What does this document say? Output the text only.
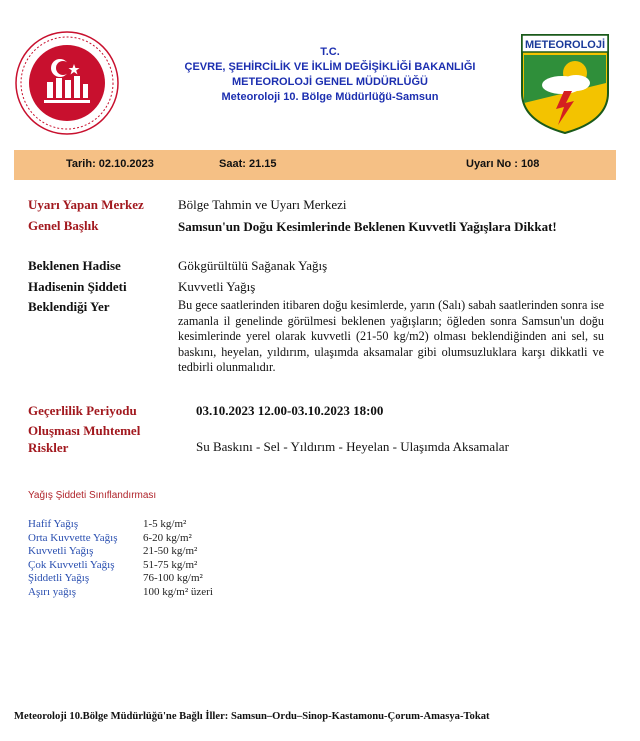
METEOROLOJİ
T.C.
ÇEVRE, ŞEHİRCİLİK VE İKLİM DEĞİŞİKLİĞİ BAKANLIĞI
METEOROLOJİ GENEL MÜDÜRLÜĞÜ
Meteoroloji 10. Bölge Müdürlüğü-Samsun
Tarih: 02.10.2023	Saat: 21.15	Uyarı No : 108
Uyarı Yapan Merkez	Bölge Tahmin ve Uyarı Merkezi
Genel Başlık	Samsun'un Doğu Kesimlerinde Beklenen Kuvvetli Yağışlara Dikkat!
Beklenen Hadise	Gökgürültülü Sağanak Yağış
Hadisenin Şiddeti	Kuvvetli Yağış
Beklendiği Yer	Bu gece saatlerinden itibaren doğu kesimlerde, yarın (Salı) sabah saatlerinden sonra ise zamanla il genelinde görülmesi beklenen yağışların; öğleden sonra Samsun'un doğu kesimlerinde yerel olarak kuvvetli (21-50 kg/m2) olması beklendiğinden ani sel, su baskını, heyelan, yıldırım, ulaşımda aksamalar gibi olumsuzluklara karşı dikkatli ve tedbirli olunmalıdır.
Geçerlilik Periyodu	03.10.2023 12.00-03.10.2023 18:00
Oluşması Muhtemel
Riskler	Su Baskını - Sel - Yıldırım - Heyelan - Ulaşımda Aksamalar
Yağış Şiddeti Sınıflandırması
Hafif Yağış	1-5 kg/m²
Orta Kuvvette Yağış 6-20 kg/m²
Kuvvetli Yağış	21-50 kg/m²
Çok Kuvvetli Yağış	51-75 kg/m²
Şiddetli Yağış	76-100 kg/m²
Aşırı yağış	100 kg/m² üzeri
Meteoroloji 10.Bölge Müdürlüğü'ne Bağlı İller: Samsun–Ordu–Sinop-Kastamonu-Çorum-Amasya-Tokat
